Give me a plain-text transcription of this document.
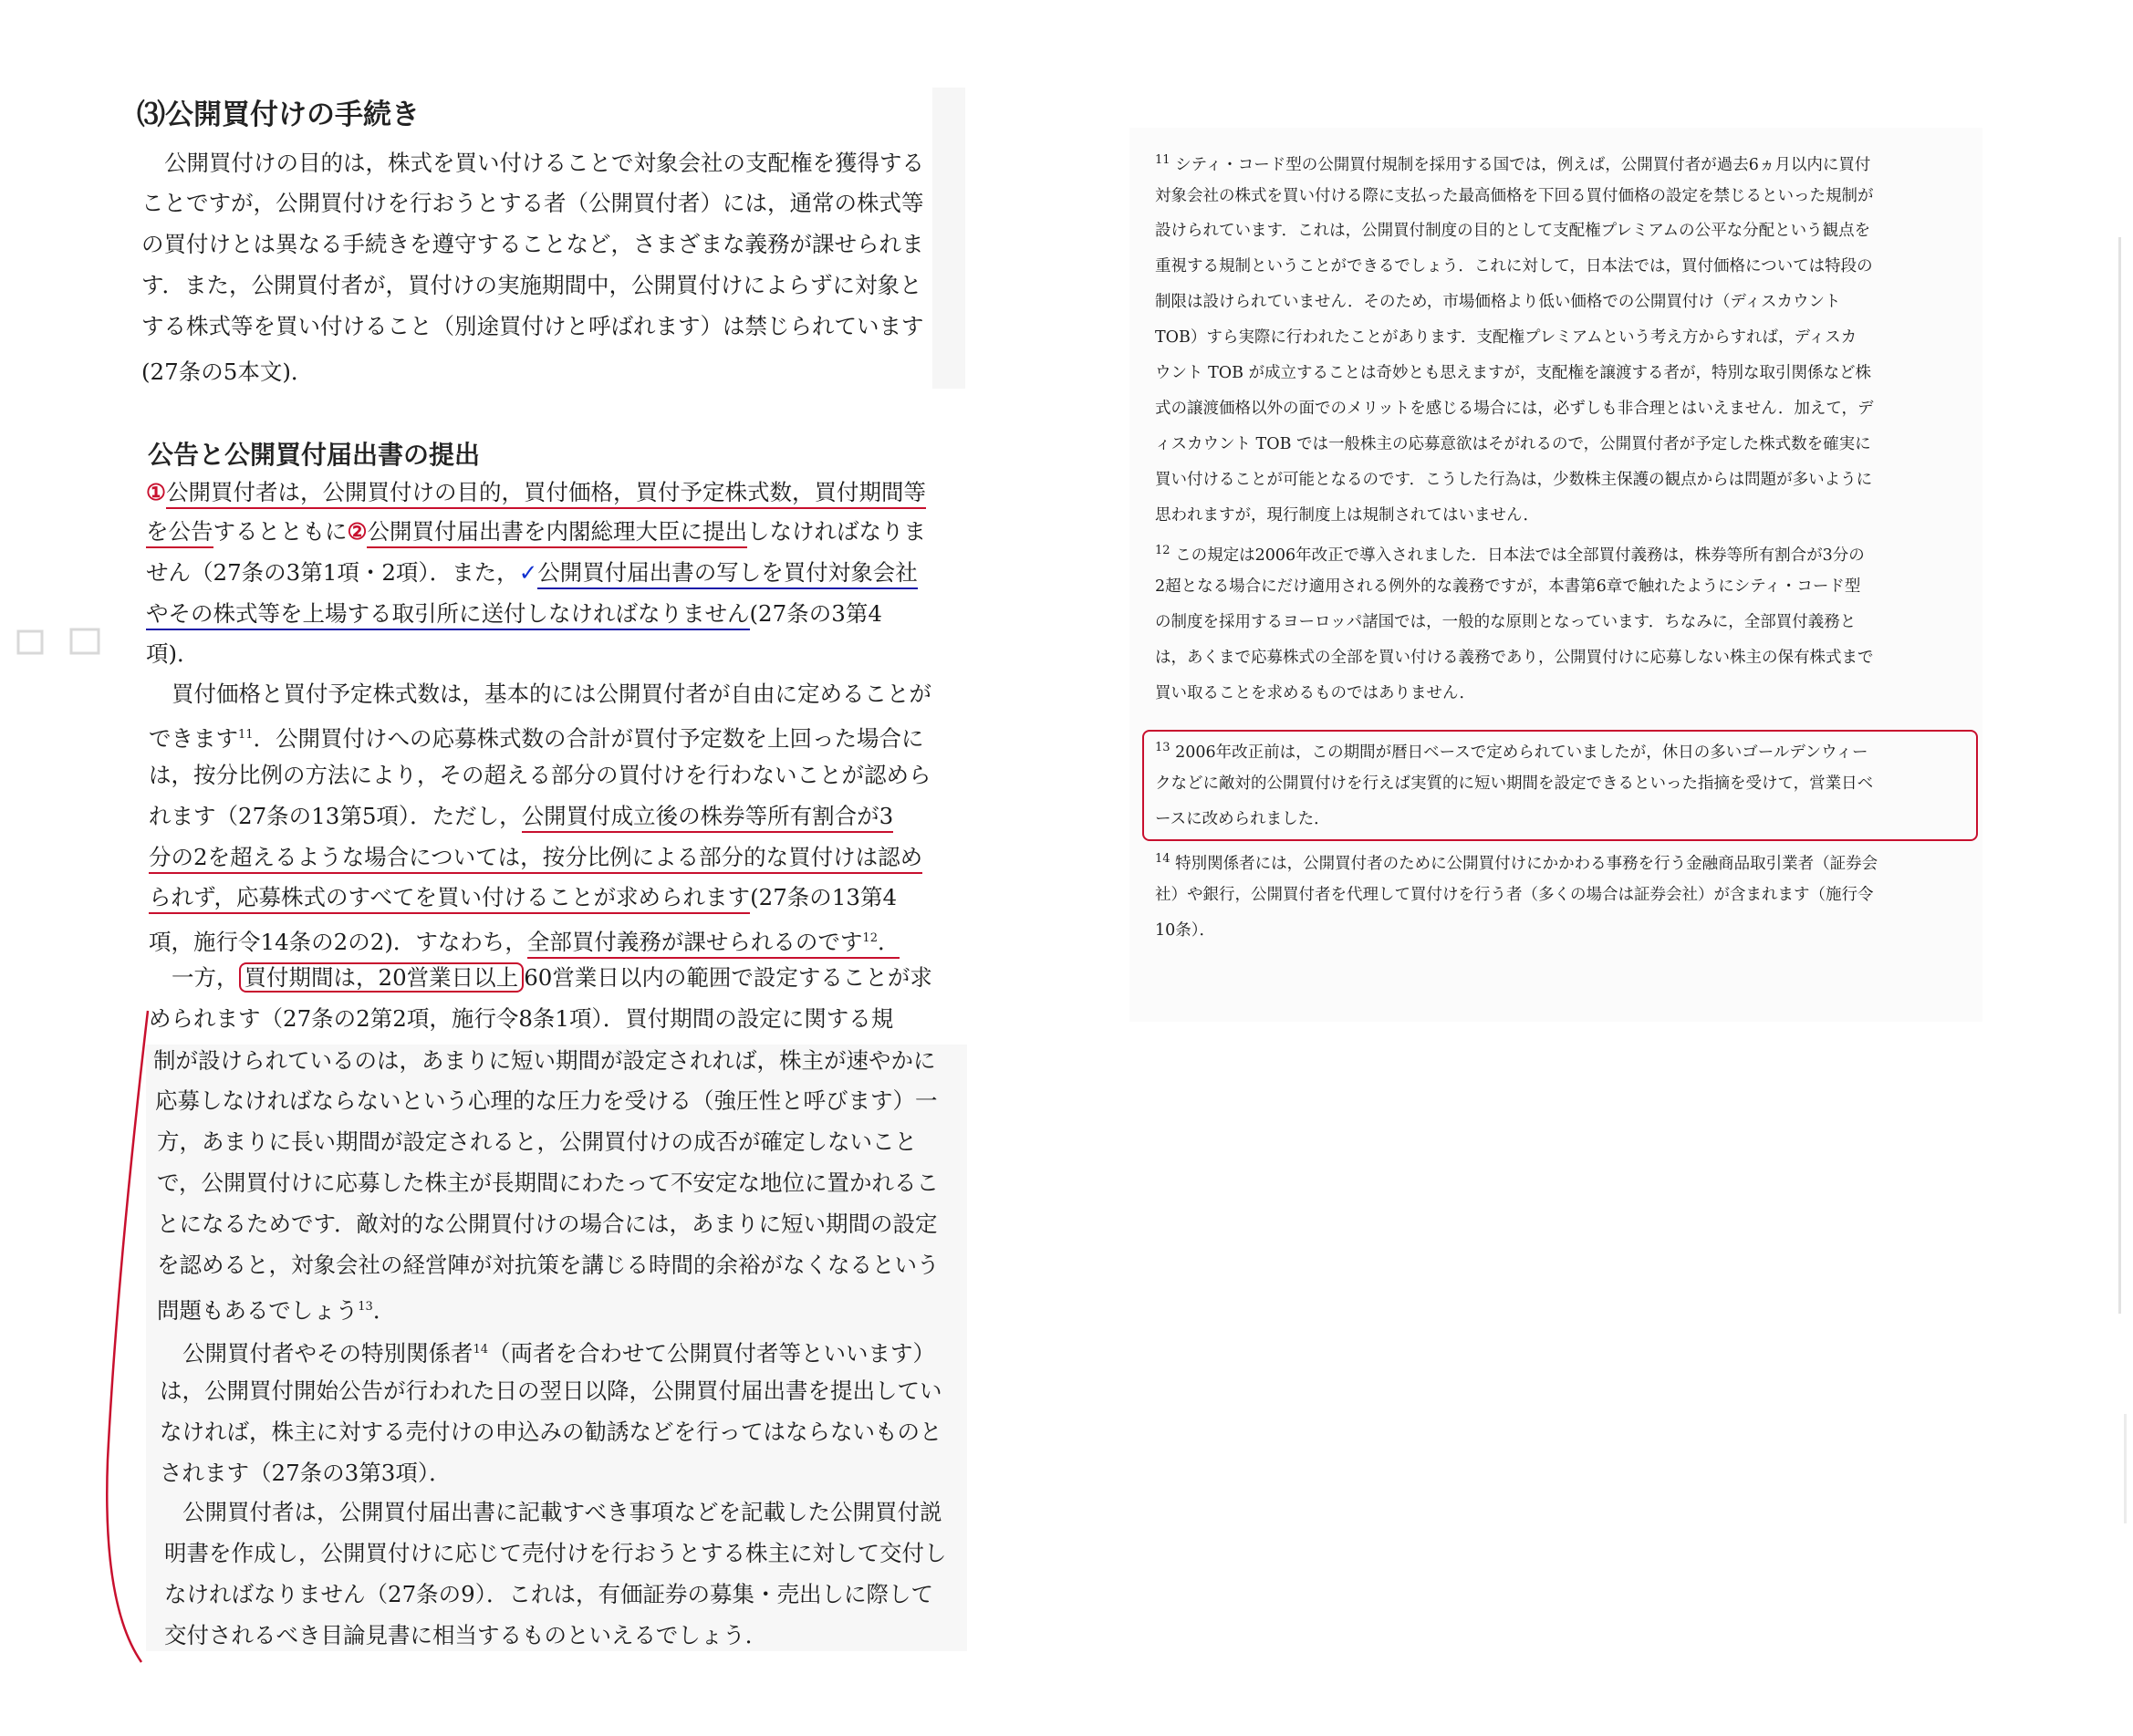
⑶公開買付けの手続き
公開買付けの目的は，株式を買い付けることで対象会社の支配権を獲得する
ことですが，公開買付けを行おうとする者（公開買付者）には，通常の株式等
の買付けとは異なる手続きを遵守することなど，さまざまな義務が課せられま
す．また，公開買付者が，買付けの実施期間中，公開買付けによらずに対象と
する株式等を買い付けること（別途買付けと呼ばれます）は禁じられています
(27条の5本文)．
公告と公開買付届出書の提出
①公開買付者は，公開買付けの目的，買付価格，買付予定株式数，買付期間等
を公告するとともに②公開買付届出書を内閣総理大臣に提出しなければなりま
せん（27条の3第1項・2項）．また，✓公開買付届出書の写しを買付対象会社
やその株式等を上場する取引所に送付しなければなりません(27条の3第4
項)．
買付価格と買付予定株式数は，基本的には公開買付者が自由に定めることが
できます$^{11}$．公開買付けへの応募株式数の合計が買付予定数を上回った場合に
は，按分比例の方法により，その超える部分の買付けを行わないことが認めら
れます（27条の13第5項）．ただし，公開買付成立後の株券等所有割合が3
分の2を超えるような場合については，按分比例による部分的な買付けは認め
られず，応募株式のすべてを買い付けることが求められます(27条の13第4
項，施行令14条の2の2)．すなわち，全部買付義務が課せられるのです$^{12}$．
一方， 買付期間は，20営業日以上 60営業日以内の範囲で設定することが求
められます（27条の2第2項，施行令8条1項）．買付期間の設定に関する規
制が設けられているのは，あまりに短い期間が設定されれば，株主が速やかに
応募しなければならないという心理的な圧力を受ける（強圧性と呼びます）一
方，あまりに長い期間が設定されると，公開買付けの成否が確定しないこと
で，公開買付けに応募した株主が長期間にわたって不安定な地位に置かれるこ
とになるためです．敵対的な公開買付けの場合には，あまりに短い期間の設定
を認めると，対象会社の経営陣が対抗策を講じる時間的余裕がなくなるという
問題もあるでしょう$^{13}$．
公開買付者やその特別関係者$^{14}$（両者を合わせて公開買付者等といいます）
は，公開買付開始公告が行われた日の翌日以降，公開買付届出書を提出してい
なければ，株主に対する売付けの申込みの勧誘などを行ってはならないものと
されます（27条の3第3項）．
公開買付者は，公開買付届出書に記載すべき事項などを記載した公開買付説
明書を作成し，公開買付けに応じて売付けを行おうとする株主に対して交付し
なければなりません（27条の9）．これは，有価証券の募集・売出しに際して
交付されるべき目論見書に相当するものといえるでしょう．
$^{11}$ シティ・コード型の公開買付規制を採用する国では，例えば，公開買付者が過去6ヵ月以内に買付
対象会社の株式を買い付ける際に支払った最高価格を下回る買付価格の設定を禁じるといった規制が
設けられています．これは，公開買付制度の目的として支配権プレミアムの公平な分配という観点を
重視する規制ということができるでしょう．これに対して，日本法では，買付価格については特段の
制限は設けられていません．そのため，市場価格より低い価格での公開買付け（ディスカウント
TOB）すら実際に行われたことがあります．支配権プレミアムという考え方からすれば，ディスカ
ウント TOB が成立することは奇妙とも思えますが，支配権を譲渡する者が，特別な取引関係など株
式の譲渡価格以外の面でのメリットを感じる場合には，必ずしも非合理とはいえません．加えて，デ
ィスカウント TOB では一般株主の応募意欲はそがれるので，公開買付者が予定した株式数を確実に
買い付けることが可能となるのです．こうした行為は，少数株主保護の観点からは問題が多いように
思われますが，現行制度上は規制されてはいません．
$^{12}$ この規定は2006年改正で導入されました．日本法では全部買付義務は，株券等所有割合が3分の
2超となる場合にだけ適用される例外的な義務ですが，本書第6章で触れたようにシティ・コード型
の制度を採用するヨーロッパ諸国では，一般的な原則となっています．ちなみに，全部買付義務と
は，あくまで応募株式の全部を買い付ける義務であり，公開買付けに応募しない株主の保有株式まで
買い取ることを求めるものではありません．
$^{13}$ 2006年改正前は，この期間が暦日ベースで定められていましたが，休日の多いゴールデンウィー
クなどに敵対的公開買付けを行えば実質的に短い期間を設定できるといった指摘を受けて，営業日ベ
ースに改められました．
$^{14}$ 特別関係者には，公開買付者のために公開買付けにかかわる事務を行う金融商品取引業者（証券会
社）や銀行，公開買付者を代理して買付けを行う者（多くの場合は証券会社）が含まれます（施行令
10条）．
